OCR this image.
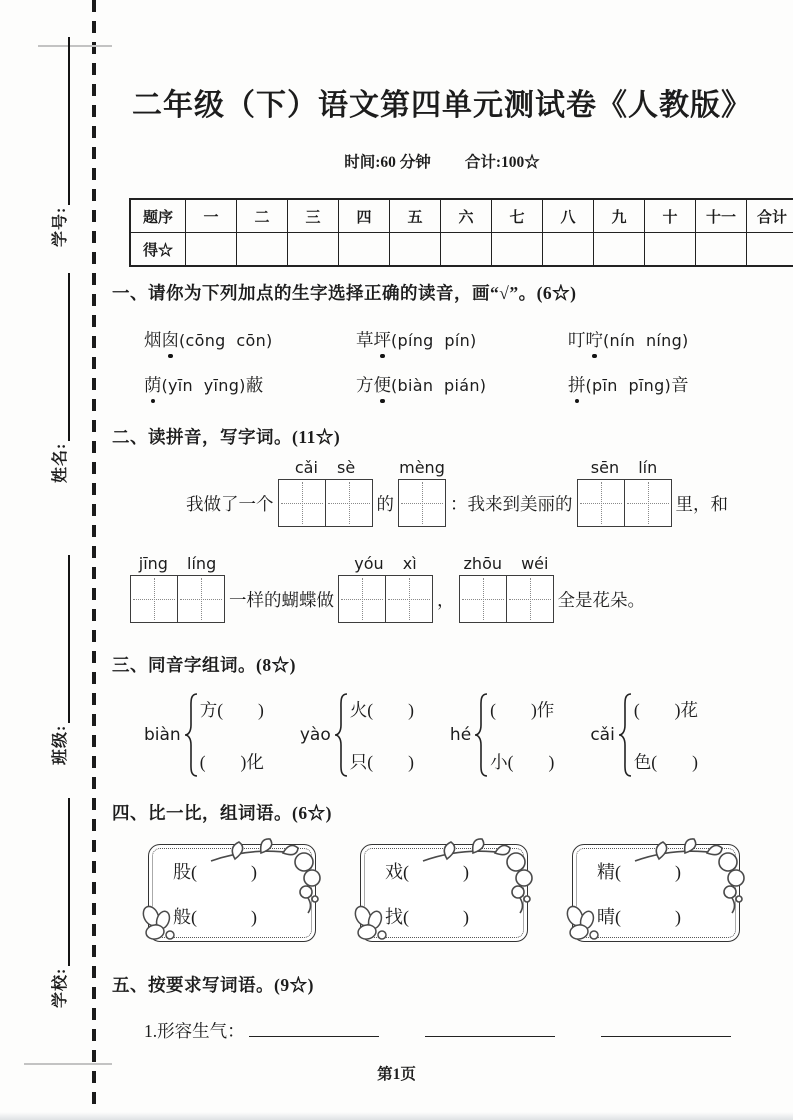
学号:
姓名:
班级:
学校:
二年级（下）语文第四单元测试卷《人教版》
时间:60 分钟 合计:100☆
题序	一	二	三	四	五	六	七	八	九	十	十一	合计
得☆												
一、请你为下列加点的生字选择正确的读音，画“√”。(6☆)
烟囱(cōng  cōn)	草坪(píng  pín)	叮咛(nín  níng)
荫(yīn  yīng)蔽	方便(biàn  pián)	拼(pīn  pīng)音
二、读拼音，写字词。(11☆)
我做了一个
cǎi sè
的
mèng
：我来到美丽的
sēn lín
里，和
jīng líng
一样的蝴蝶做
yóu xì
，
zhōu wéi
全是花朵。
三、同音字组词。(8☆)
biàn
方(　　)
(　　)化
yào
火(　　)
只(　　)
hé
(　　)作
小(　　)
cǎi
(　　)花
色(　　)
四、比一比，组词语。(6☆)
股(　　　)
般(　　　)
戏(　　　)
找(　　　)
精(　　　)
晴(　　　)
五、按要求写词语。(9☆)
1.形容生气：
第1页
